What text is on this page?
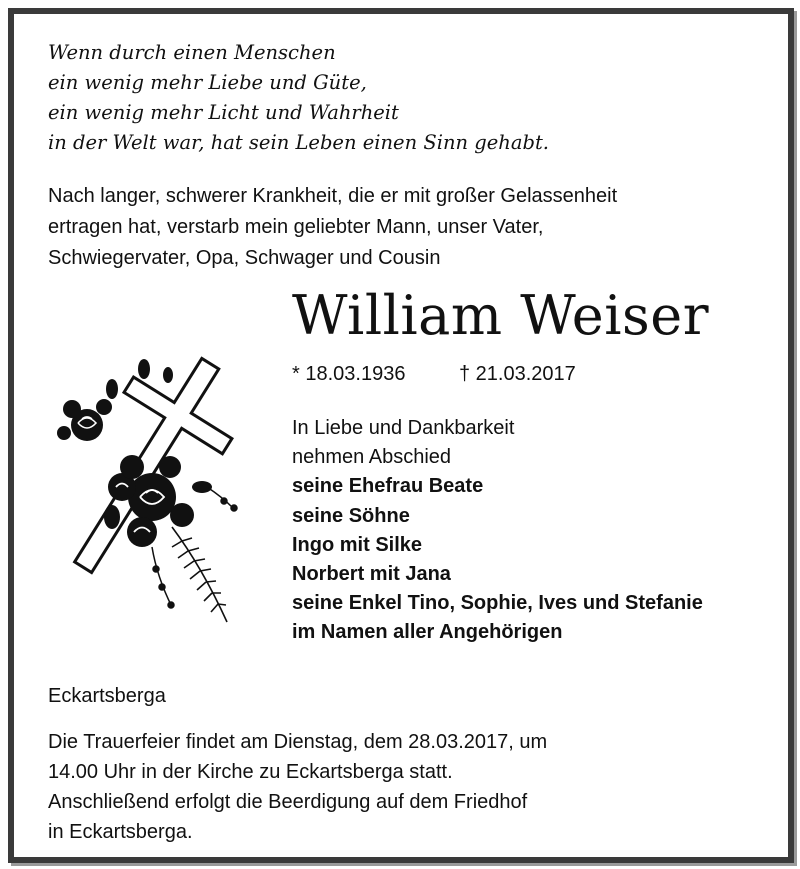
Wenn durch einen Menschen
ein wenig mehr Liebe und Güte,
ein wenig mehr Licht und Wahrheit
in der Welt war, hat sein Leben einen Sinn gehabt.
Nach langer, schwerer Krankheit, die er mit großer Gelassenheit
ertragen hat, verstarb mein geliebter Mann, unser Vater,
Schwiegervater, Opa, Schwager und Cousin
William Weiser
* 18.03.1936	† 21.03.2017
In Liebe und Dankbarkeit
nehmen Abschied
seine Ehefrau Beate
seine Söhne
Ingo mit Silke
Norbert mit Jana
seine Enkel Tino, Sophie, Ives und Stefanie
im Namen aller Angehörigen
Eckartsberga
Die Trauerfeier findet am Dienstag, dem 28.03.2017, um
14.00 Uhr in der Kirche zu Eckartsberga statt.
Anschließend erfolgt die Beerdigung auf dem Friedhof
in Eckartsberga.
